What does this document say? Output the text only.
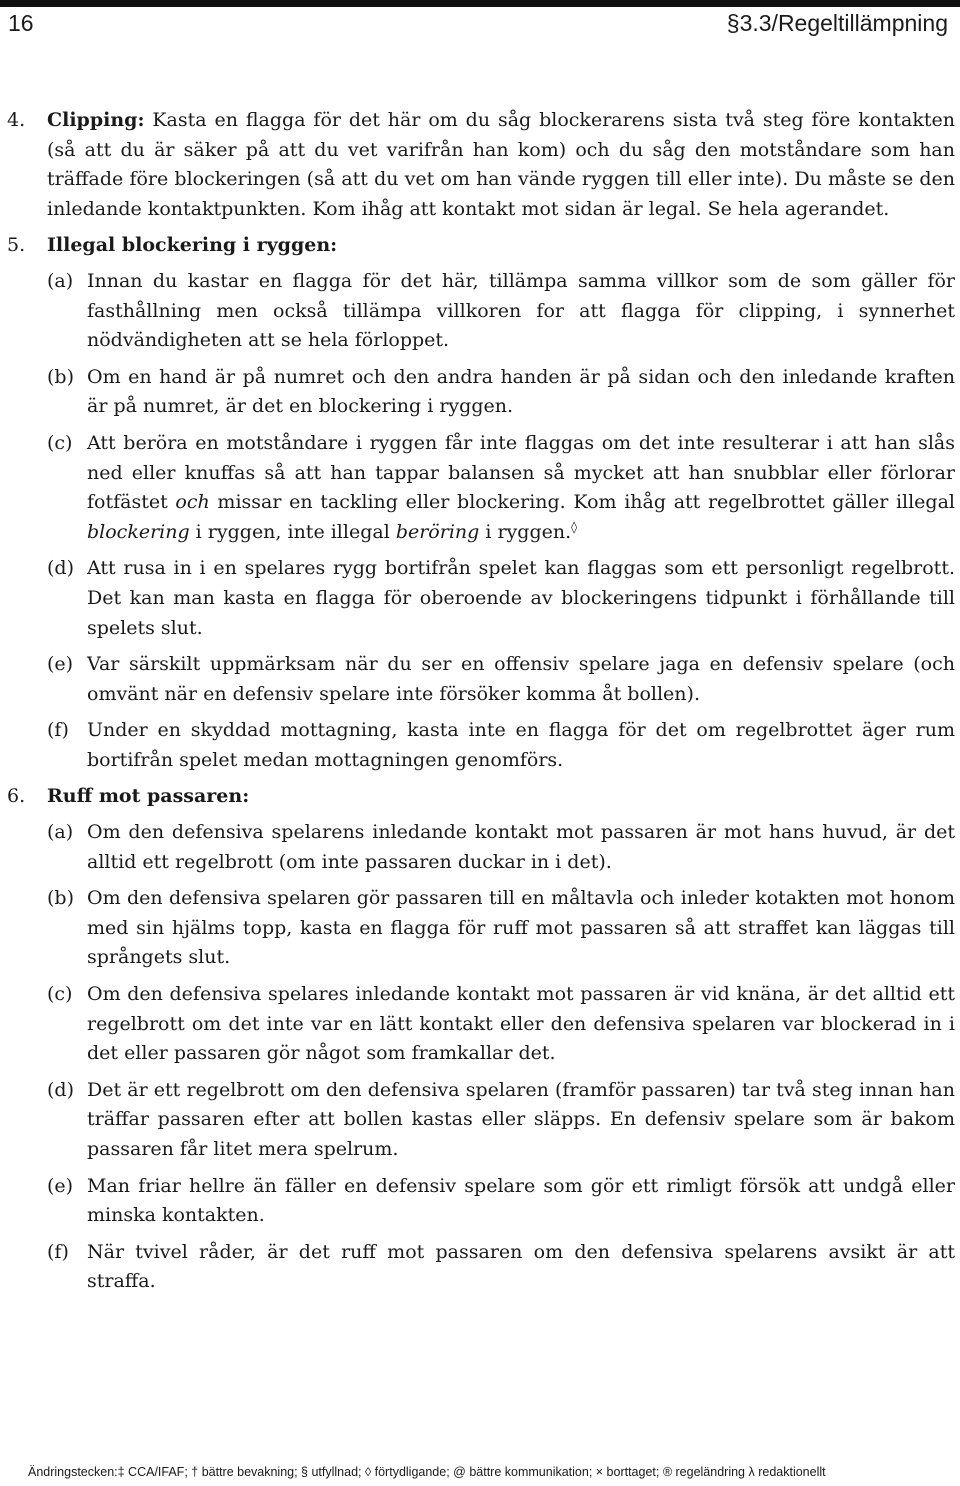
16	§3.3/Regeltillämpning
4. Clipping: Kasta en flagga för det här om du såg blockerarens sista två steg före kontakten (så att du är säker på att du vet varifrån han kom) och du såg den motståndare som han träffade före blockeringen (så att du vet om han vände ryggen till eller inte). Du måste se den inledande kontaktpunkten. Kom ihåg att kontakt mot sidan är legal. Se hela agerandet.
5. Illegal blockering i ryggen:
(a) Innan du kastar en flagga för det här, tillämpa samma villkor som de som gäller för fasthållning men också tillämpa villkoren for att flagga för clipping, i synnerhet nödvändigheten att se hela förloppet.
(b) Om en hand är på numret och den andra handen är på sidan och den inledande kraften är på numret, är det en blockering i ryggen.
(c) Att beröra en motståndare i ryggen får inte flaggas om det inte resulterar i att han slås ned eller knuffas så att han tappar balansen så mycket att han snubblar eller förlorar fotfästet och missar en tackling eller blockering. Kom ihåg att regelbrottet gäller illegal blockering i ryggen, inte illegal beröring i ryggen.◊
(d) Att rusa in i en spelares rygg bortifrån spelet kan flaggas som ett personligt regelbrott. Det kan man kasta en flagga för oberoende av blockeringens tidpunkt i förhållande till spelets slut.
(e) Var särskilt uppmärksam när du ser en offensiv spelare jaga en defensiv spelare (och omvänt när en defensiv spelare inte försöker komma åt bollen).
(f) Under en skyddad mottagning, kasta inte en flagga för det om regelbrottet äger rum bortifrån spelet medan mottagningen genomförs.
6. Ruff mot passaren:
(a) Om den defensiva spelarens inledande kontakt mot passaren är mot hans huvud, är det alltid ett regelbrott (om inte passaren duckar in i det).
(b) Om den defensiva spelaren gör passaren till en måltavla och inleder kotakten mot honom med sin hjälms topp, kasta en flagga för ruff mot passaren så att straffet kan läggas till språngets slut.
(c) Om den defensiva spelares inledande kontakt mot passaren är vid knäna, är det alltid ett regelbrott om det inte var en lätt kontakt eller den defensiva spelaren var blockerad in i det eller passaren gör något som framkallar det.
(d) Det är ett regelbrott om den defensiva spelaren (framför passaren) tar två steg innan han träffar passaren efter att bollen kastas eller släpps. En defensiv spelare som är bakom passaren får litet mera spelrum.
(e) Man friar hellre än fäller en defensiv spelare som gör ett rimligt försök att undgå eller minska kontakten.
(f) När tvivel råder, är det ruff mot passaren om den defensiva spelarens avsikt är att straffa.
Ändringstecken:‡ CCA/IFAF; † bättre bevakning; § utfyllnad; ◊ förtydligande; @ bättre kommunikation; × borttaget; ® regeländring λ redaktionellt
